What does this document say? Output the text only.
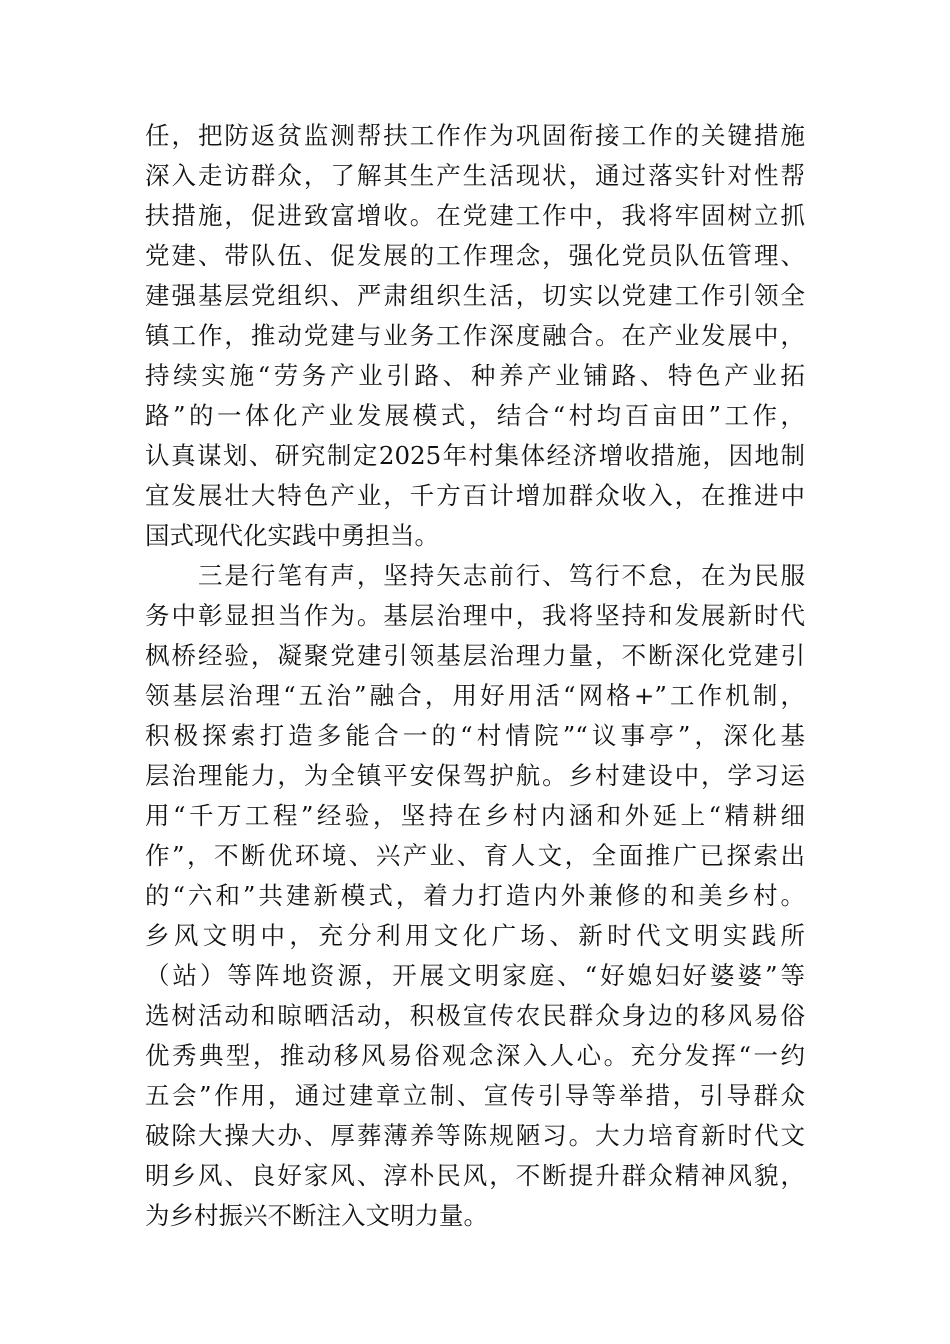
任，把防返贫监测帮扶工作作为巩固衔接工作的关键措施
深入走访群众，了解其生产生活现状，通过落实针对性帮
扶措施，促进致富增收。在党建工作中，我将牢固树立抓
党建、带队伍、促发展的工作理念，强化党员队伍管理、
建强基层党组织、严肃组织生活，切实以党建工作引领全
镇工作，推动党建与业务工作深度融合。在产业发展中，
持续实施“劳务产业引路、种养产业铺路、特色产业拓
路”的一体化产业发展模式，结合“村均百亩田”工作，
认真谋划、研究制定2025年村集体经济增收措施，因地制
宜发展壮大特色产业，千方百计增加群众收入，在推进中
国式现代化实践中勇担当。
　　三是行笔有声，坚持矢志前行、笃行不怠，在为民服
务中彰显担当作为。基层治理中，我将坚持和发展新时代
枫桥经验，凝聚党建引领基层治理力量，不断深化党建引
领基层治理“五治”融合，用好用活“网格+”工作机制，
积极探索打造多能合一的“村情院”“议事亭”，深化基
层治理能力，为全镇平安保驾护航。乡村建设中，学习运
用“千万工程”经验，坚持在乡村内涵和外延上“精耕细
作”，不断优环境、兴产业、育人文，全面推广已探索出
的“六和”共建新模式，着力打造内外兼修的和美乡村。
乡风文明中，充分利用文化广场、新时代文明实践所
（站）等阵地资源，开展文明家庭、“好媳妇好婆婆”等
选树活动和晾晒活动，积极宣传农民群众身边的移风易俗
优秀典型，推动移风易俗观念深入人心。充分发挥“一约
五会”作用，通过建章立制、宣传引导等举措，引导群众
破除大操大办、厚葬薄养等陈规陋习。大力培育新时代文
明乡风、良好家风、淳朴民风，不断提升群众精神风貌，
为乡村振兴不断注入文明力量。
